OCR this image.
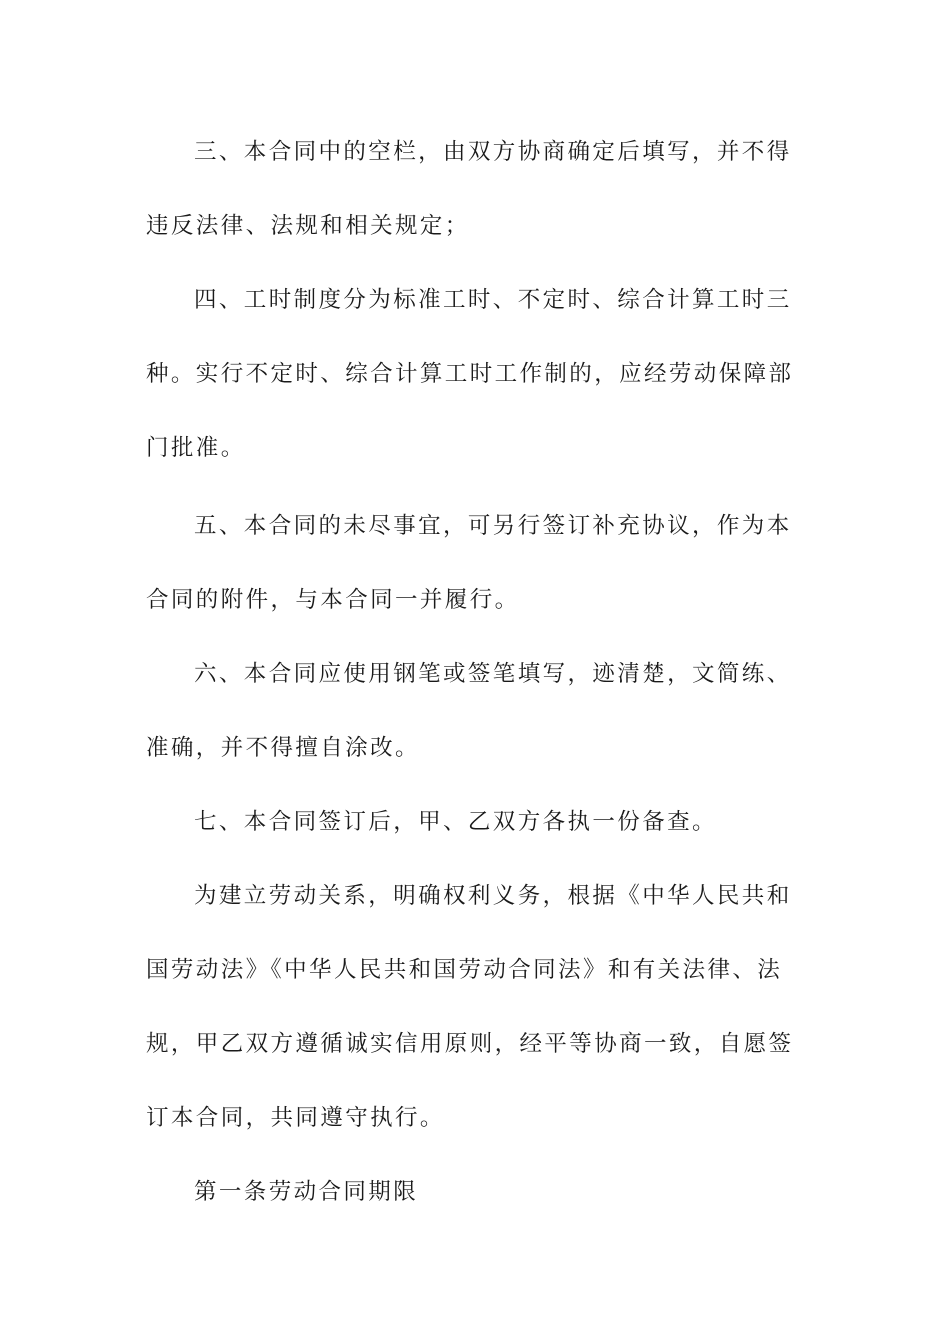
三、本合同中的空栏，由双方协商确定后填写，并不得违反法律、法规和相关规定；

四、工时制度分为标准工时、不定时、综合计算工时三种。实行不定时、综合计算工时工作制的，应经劳动保障部门批准。

五、本合同的未尽事宜，可另行签订补充协议，作为本合同的附件，与本合同一并履行。

六、本合同应使用钢笔或签笔填写，迹清楚，文简练、准确，并不得擅自涂改。

七、本合同签订后，甲、乙双方各执一份备查。

为建立劳动关系，明确权利义务，根据《中华人民共和国劳动法》《中华人民共和国劳动合同法》和有关法律、法规，甲乙双方遵循诚实信用原则，经平等协商一致，自愿签订本合同，共同遵守执行。

第一条劳动合同期限
